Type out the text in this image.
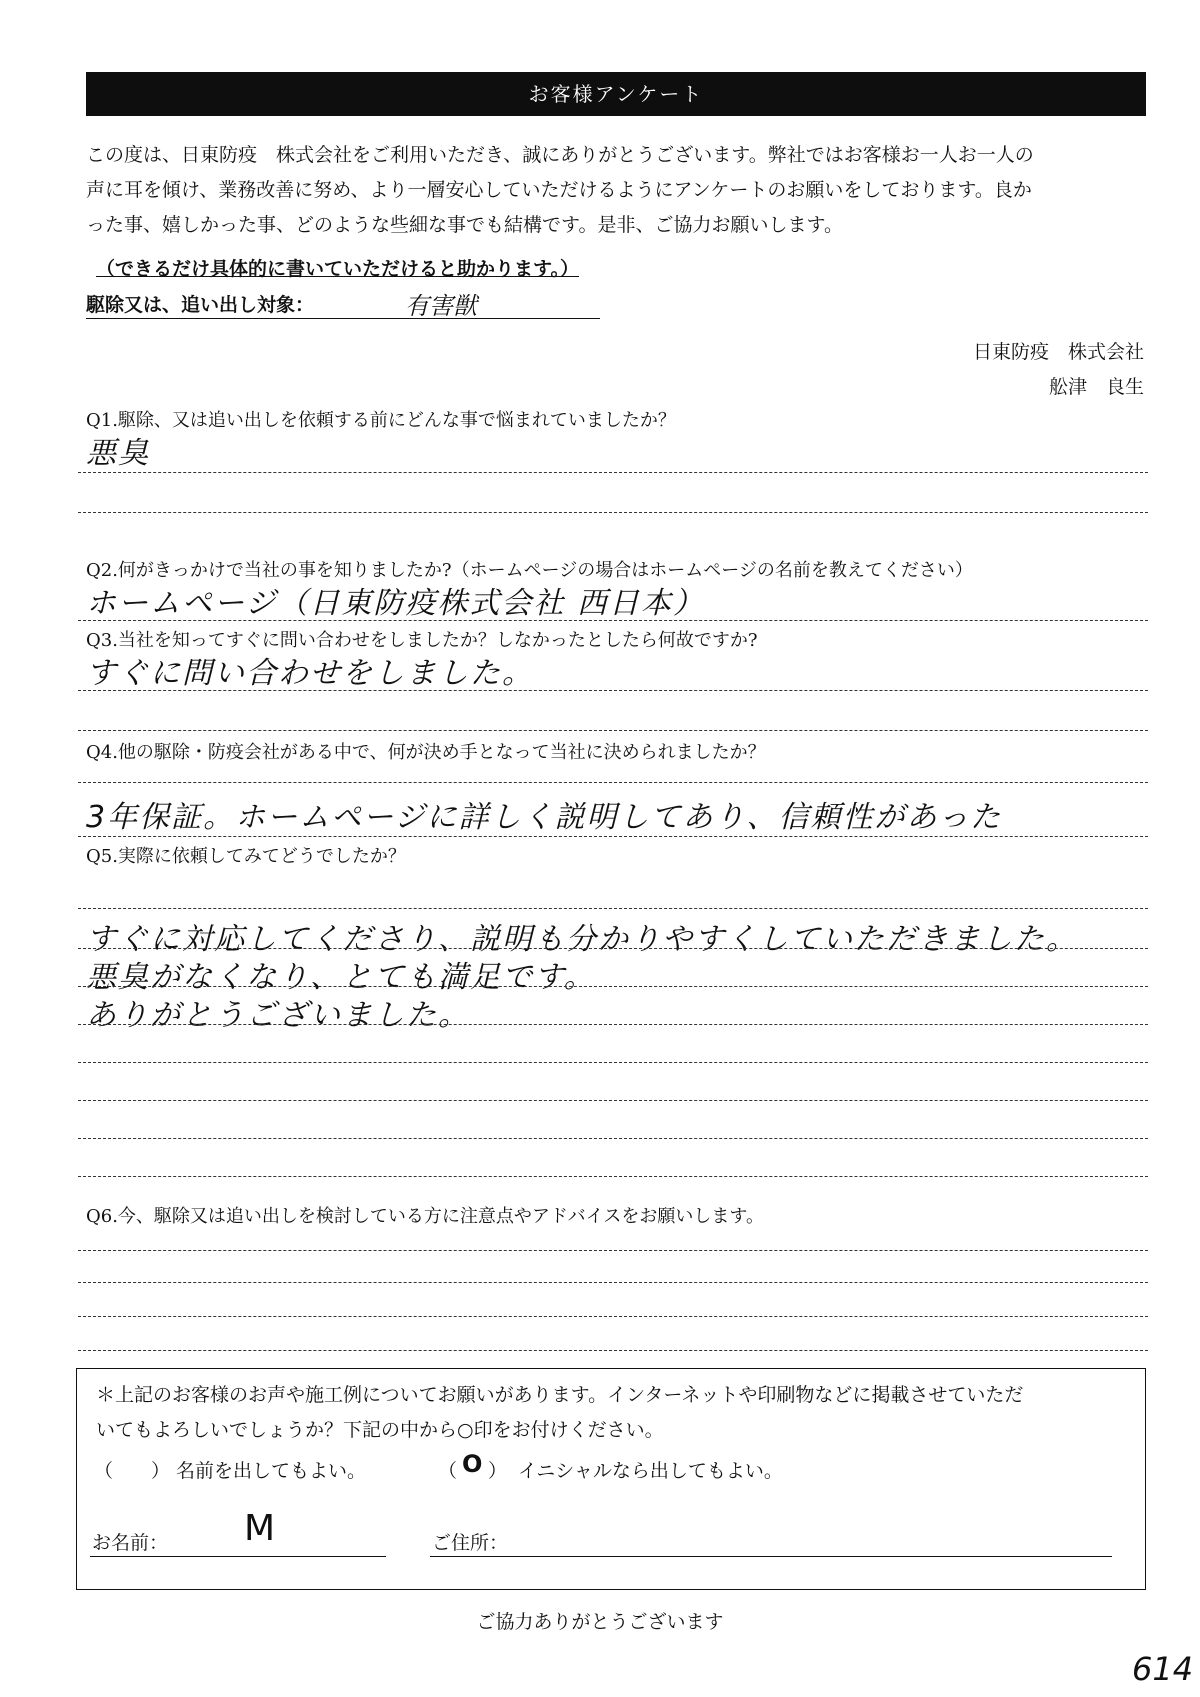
お客様アンケート

この度は、日東防疫　株式会社をご利用いただき、誠にありがとうございます。弊社ではお客様お一人お一人の

声に耳を傾け、業務改善に努め、より一層安心していただけるようにアンケートのお願いをしております。良か

った事、嬉しかった事、どのような些細な事でも結構です。是非、ご協力お願いします。

（できるだけ具体的に書いていただけると助かります。）
駆除又は、追い出し対象：	有害獣
日東防疫　株式会社
舩津　良生
Q1.駆除、又は追い出しを依頼する前にどんな事で悩まれていましたか？
悪臭
Q2.何がきっかけで当社の事を知りましたか?（ホームページの場合はホームページの名前を教えてください）
ホームページ（日東防疫株式会社 西日本）
Q3.当社を知ってすぐに問い合わせをしましたか？しなかったとしたら何故ですか?
すぐに問い合わせをしました。
Q4.他の駆除・防疫会社がある中で、何が決め手となって当社に決められましたか？
3年保証。ホームページに詳しく説明してあり、信頼性があった
Q5.実際に依頼してみてどうでしたか？
すぐに対応してくださり、説明も分かりやすくしていただきました。
悪臭がなくなり、とても満足です。
ありがとうございました。
Q6.今、駆除又は追い出しを検討している方に注意点やアドバイスをお願いします。

＊上記のお客様のお声や施工例についてお願いがあります。インターネットや印刷物などに掲載させていただ

いてもよろしいでしょうか？下記の中から○印をお付けください。

（　　） 名前を出してもよい。	（ O ） イニシャルなら出してもよい。
お名前： M	ご住所：
ご協力ありがとうございます
614
